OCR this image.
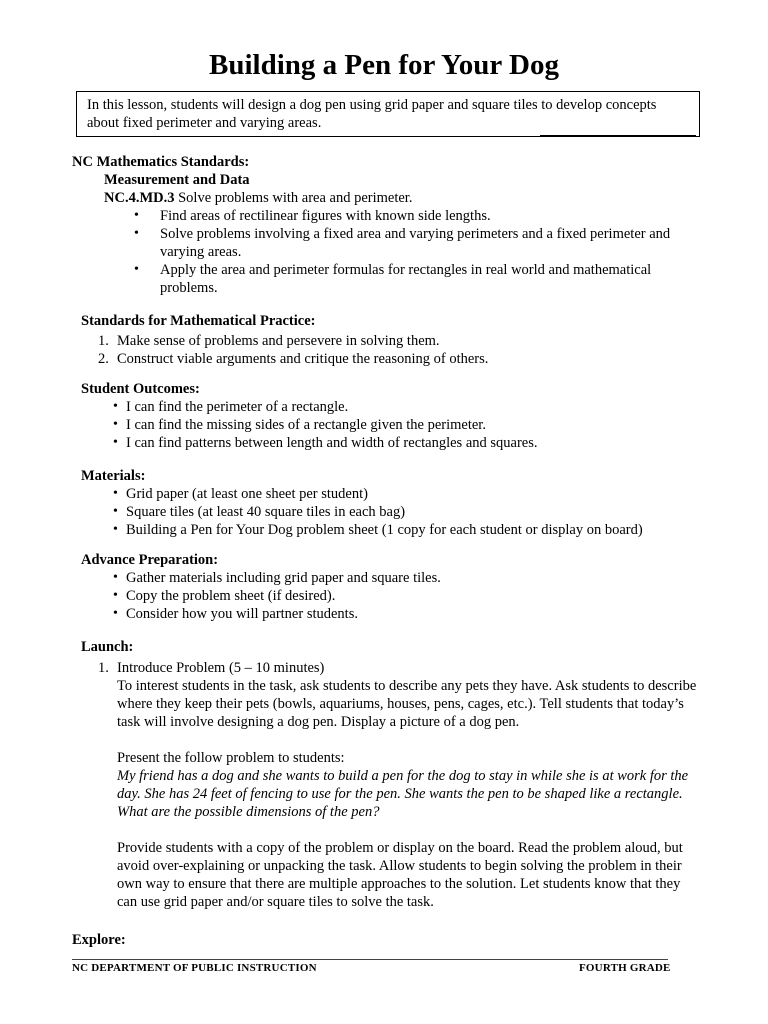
Building a Pen for Your Dog
In this lesson, students will design a dog pen using grid paper and square tiles to develop concepts about fixed perimeter and varying areas.
NC Mathematics Standards:
Measurement and Data
NC.4.MD.3 Solve problems with area and perimeter.
• Find areas of rectilinear figures with known side lengths.
• Solve problems involving a fixed area and varying perimeters and a fixed perimeter and varying areas.
• Apply the area and perimeter formulas for rectangles in real world and mathematical problems.
Standards for Mathematical Practice:
1. Make sense of problems and persevere in solving them.
2. Construct viable arguments and critique the reasoning of others.
Student Outcomes:
• I can find the perimeter of a rectangle.
• I can find the missing sides of a rectangle given the perimeter.
• I can find patterns between length and width of rectangles and squares.
Materials:
• Grid paper (at least one sheet per student)
• Square tiles (at least 40 square tiles in each bag)
• Building a Pen for Your Dog problem sheet (1 copy for each student or display on board)
Advance Preparation:
• Gather materials including grid paper and square tiles.
• Copy the problem sheet (if desired).
• Consider how you will partner students.
Launch:
1. Introduce Problem (5 – 10 minutes)
To interest students in the task, ask students to describe any pets they have. Ask students to describe where they keep their pets (bowls, aquariums, houses, pens, cages, etc.). Tell students that today’s task will involve designing a dog pen. Display a picture of a dog pen.
Present the follow problem to students:
My friend has a dog and she wants to build a pen for the dog to stay in while she is at work for the day. She has 24 feet of fencing to use for the pen. She wants the pen to be shaped like a rectangle. What are the possible dimensions of the pen?
Provide students with a copy of the problem or display on the board. Read the problem aloud, but avoid over-explaining or unpacking the task. Allow students to begin solving the problem in their own way to ensure that there are multiple approaches to the solution. Let students know that they can use grid paper and/or square tiles to solve the task.
Explore:
NC DEPARTMENT OF PUBLIC INSTRUCTION	FOURTH GRADE
